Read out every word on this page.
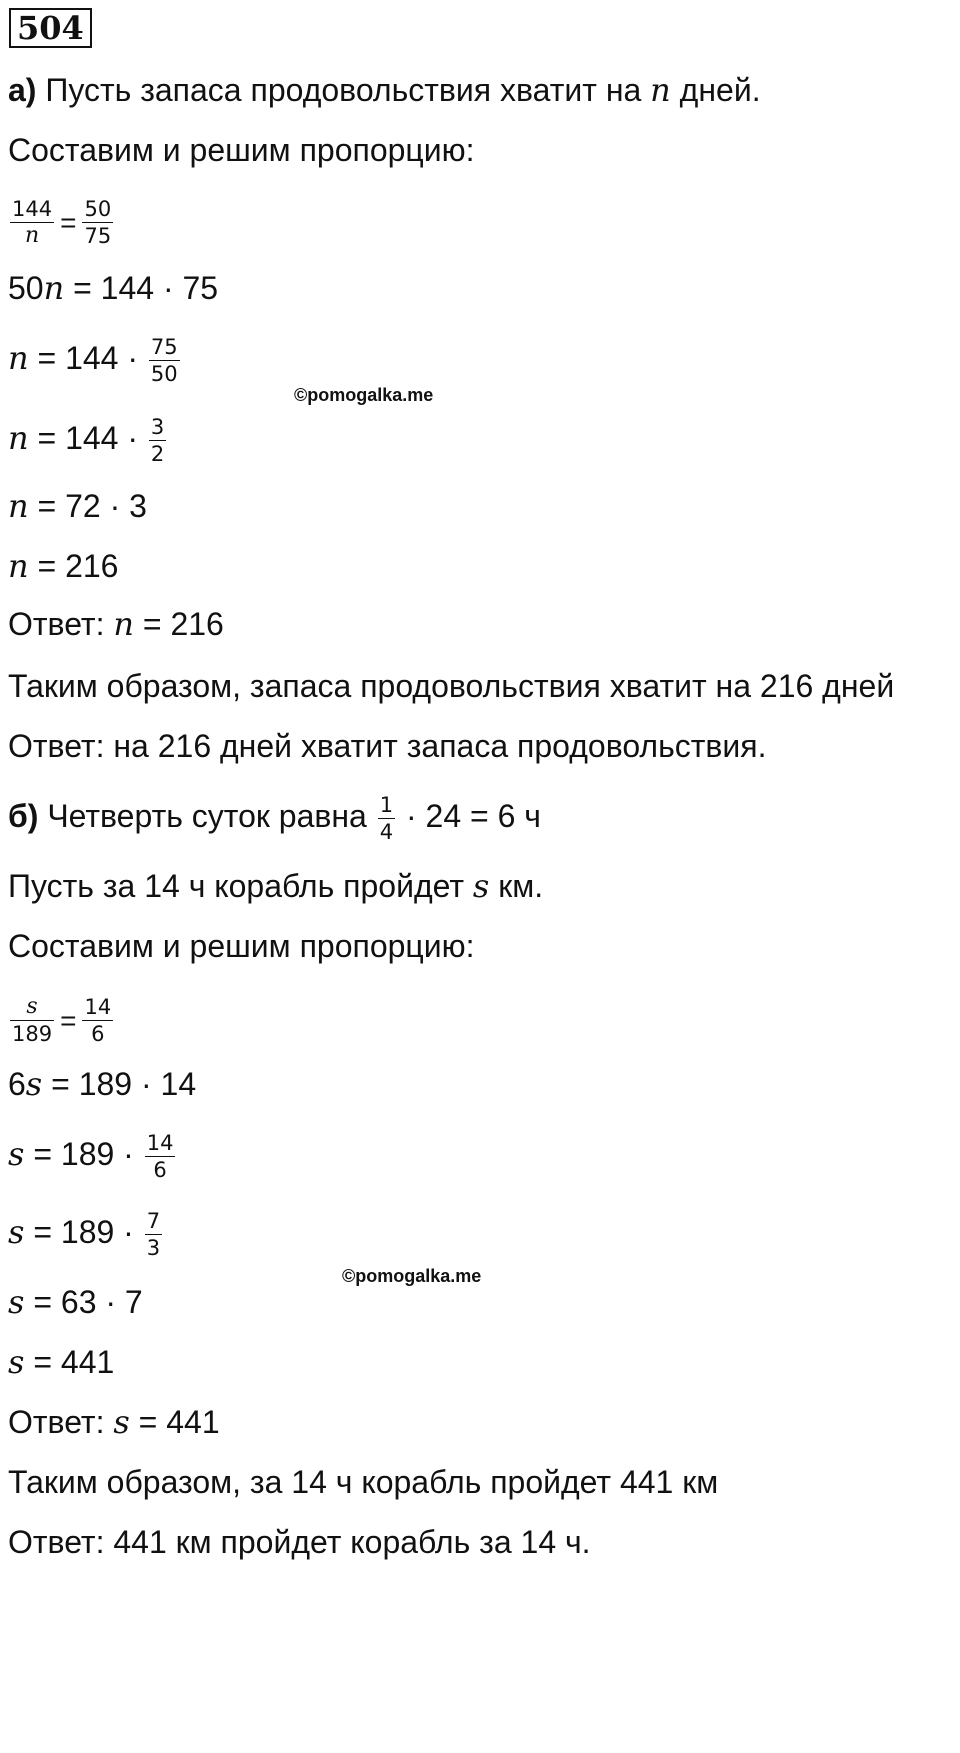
504
а) Пусть запаса продовольствия хватит на n дней.
Составим и решим пропорцию:
$\frac{144}{n} = \frac{50}{75}$
50n = 144 · 75
$n = 144 \cdot \frac{75}{50}$
©pomogalka.me
$n = 144 \cdot \frac{3}{2}$
n = 72 · 3
n = 216
Ответ: n = 216
Таким образом, запаса продовольствия хватит на 216 дней
Ответ: на 216 дней хватит запаса продовольствия.
б) Четверть суток равна $\frac{1}{4} \cdot 24 = 6$ ч
Пусть за 14 ч корабль пройдет s км.
Составим и решим пропорцию:
$\frac{s}{189} = \frac{14}{6}$
6s = 189 · 14
$s = 189 \cdot \frac{14}{6}$
$s = 189 \cdot \frac{7}{3}$
©pomogalka.me
s = 63 · 7
s = 441
Ответ: s = 441
Таким образом, за 14 ч корабль пройдет 441 км
Ответ: 441 км пройдет корабль за 14 ч.
